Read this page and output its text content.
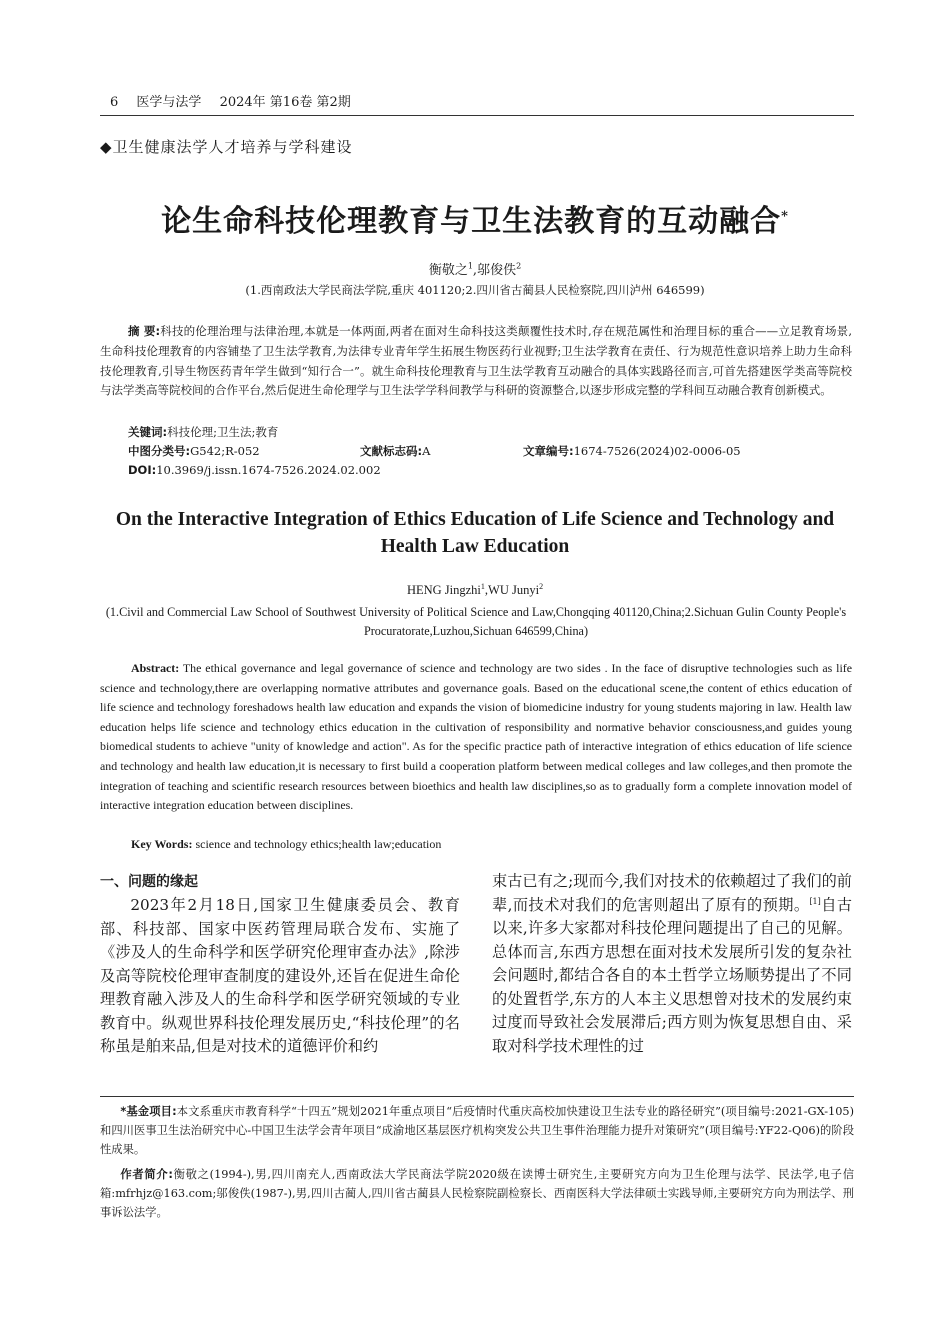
6 医学与法学 2024年 第16卷 第2期
◆卫生健康法学人才培养与学科建设
论生命科技伦理教育与卫生法教育的互动融合*
衡敬之$^1$,邬俊佚$^2$
(1.西南政法大学民商法学院,重庆 401120;2.四川省古蔺县人民检察院,四川泸州 646599)
摘 要:科技的伦理治理与法律治理,本就是一体两面,两者在面对生命科技这类颠覆性技术时,存在规范属性和治理目标的重合——立足教育场景,生命科技伦理教育的内容铺垫了卫生法学教育,为法律专业青年学生拓展生物医药行业视野;卫生法学教育在责任、行为规范性意识培养上助力生命科技伦理教育,引导生物医药青年学生做到“知行合一”。就生命科技伦理教育与卫生法学教育互动融合的具体实践路径而言,可首先搭建医学类高等院校与法学类高等院校间的合作平台,然后促进生命伦理学与卫生法学学科间教学与科研的资源整合,以逐步形成完整的学科间互动融合教育创新模式。
关键词:科技伦理;卫生法;教育
中图分类号:G542;R-052	文献标志码:A	文章编号:1674-7526(2024)02-0006-05
DOI:10.3969/j.issn.1674-7526.2024.02.002
On the Interactive Integration of Ethics Education of Life Science and Technology and Health Law Education
HENG Jingzhi$^1$,WU Junyi$^2$
(1.Civil and Commercial Law School of Southwest University of Political Science and Law,Chongqing 401120,China;2.Sichuan Gulin County People's Procuratorate,Luzhou,Sichuan 646599,China)
Abstract: The ethical governance and legal governance of science and technology are two sides . In the face of disruptive technologies such as life science and technology,there are overlapping normative attributes and governance goals. Based on the educational scene,the content of ethics education of life science and technology foreshadows health law education and expands the vision of biomedicine industry for young students majoring in law. Health law education helps life science and technology ethics education in the cultivation of responsibility and normative behavior consciousness,and guides young biomedical students to achieve "unity of knowledge and action". As for the specific practice path of interactive integration of ethics education of life science and technology and health law education,it is necessary to first build a cooperation platform between medical colleges and law colleges,and then promote the integration of teaching and scientific research resources between bioethics and health law disciplines,so as to gradually form a complete innovation model of interactive integration education between disciplines.
Key Words: science and technology ethics;health law;education
一、问题的缘起

2023年2月18日,国家卫生健康委员会、教育部、科技部、国家中医药管理局联合发布、实施了《涉及人的生命科学和医学研究伦理审查办法》,除涉及高等院校伦理审查制度的建设外,还旨在促进生命伦理教育融入涉及人的生命科学和医学研究领域的专业教育中。纵观世界科技伦理发展历史,“科技伦理”的名称虽是舶来品,但是对技术的道德评价和约

束古已有之;现而今,我们对技术的依赖超过了我们的前辈,而技术对我们的危害则超出了原有的预期。[1]自古以来,许多大家都对科技伦理问题提出了自己的见解。总体而言,东西方思想在面对技术发展所引发的复杂社会问题时,都结合各自的本土哲学立场顺势提出了不同的处置哲学,东方的人本主义思想曾对技术的发展约束过度而导致社会发展滞后;西方则为恢复思想自由、采取对科学技术理性的过

*基金项目:本文系重庆市教育科学“十四五”规划2021年重点项目“后疫情时代重庆高校加快建设卫生法专业的路径研究”(项目编号:2021-GX-105)和四川医事卫生法治研究中心-中国卫生法学会青年项目“成渝地区基层医疗机构突发公共卫生事件治理能力提升对策研究”(项目编号:YF22-Q06)的阶段性成果。

作者简介:衡敬之(1994-),男,四川南充人,西南政法大学民商法学院2020级在读博士研究生,主要研究方向为卫生伦理与法学、民法学,电子信箱:mfrhjz@163.com;邬俊佚(1987-),男,四川古蔺人,四川省古蔺县人民检察院副检察长、西南医科大学法律硕士实践导师,主要研究方向为刑法学、刑事诉讼法学。
